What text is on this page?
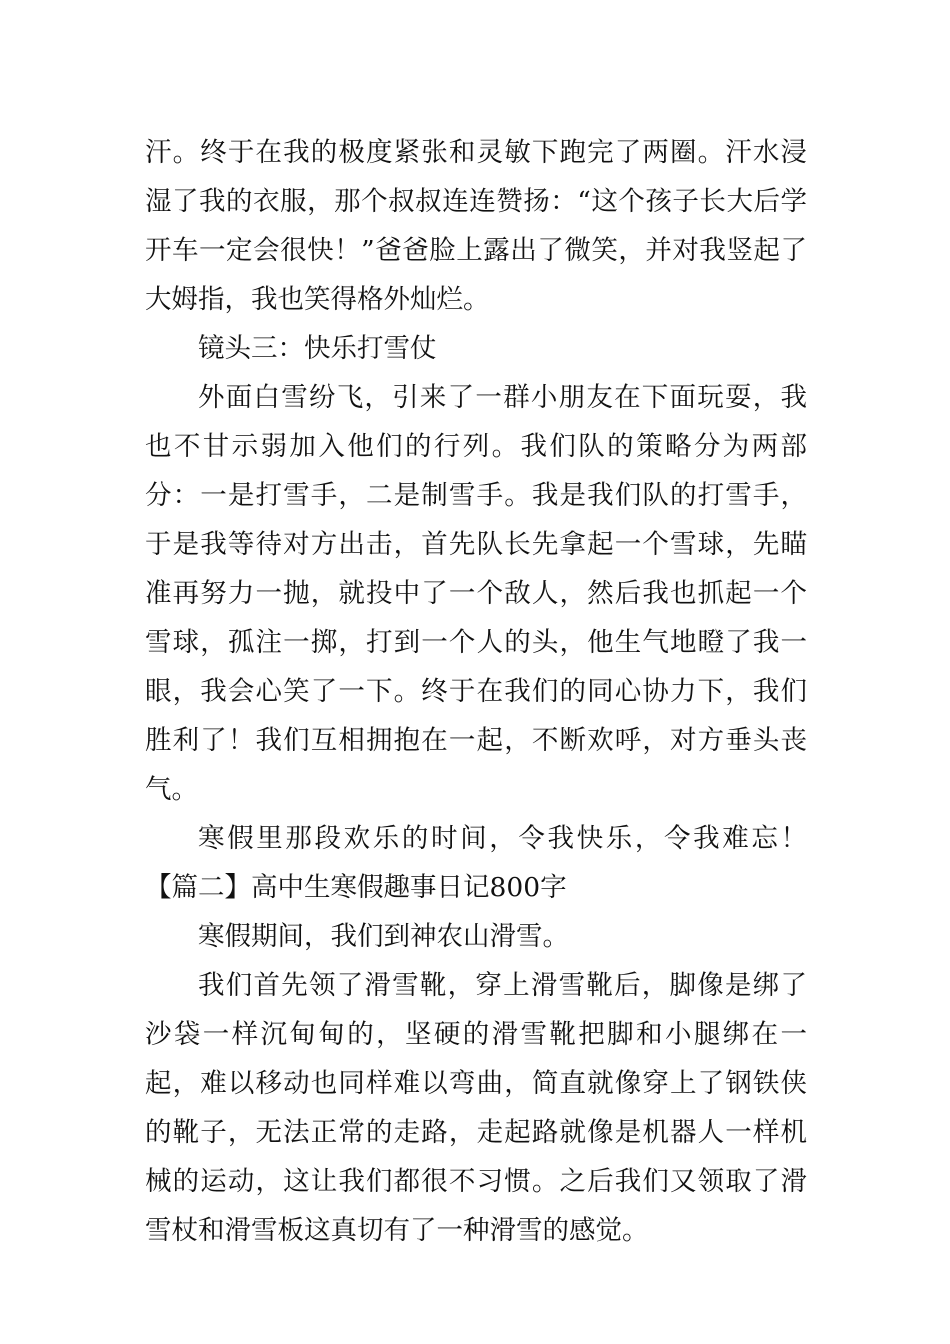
汗。终于在我的极度紧张和灵敏下跑完了两圈。汗水浸湿了我的衣服，那个叔叔连连赞扬：“这个孩子长大后学开车一定会很快！”爸爸脸上露出了微笑，并对我竖起了大姆指，我也笑得格外灿烂。

镜头三：快乐打雪仗

外面白雪纷飞，引来了一群小朋友在下面玩耍，我也不甘示弱加入他们的行列。我们队的策略分为两部分：一是打雪手，二是制雪手。我是我们队的打雪手，于是我等待对方出击，首先队长先拿起一个雪球，先瞄准再努力一抛，就投中了一个敌人，然后我也抓起一个雪球，孤注一掷，打到一个人的头，他生气地瞪了我一眼，我会心笑了一下。终于在我们的同心协力下，我们胜利了！我们互相拥抱在一起，不断欢呼，对方垂头丧气。

寒假里那段欢乐的时间，令我快乐，令我难忘！【篇二】高中生寒假趣事日记800字

寒假期间，我们到神农山滑雪。

我们首先领了滑雪靴，穿上滑雪靴后，脚像是绑了沙袋一样沉甸甸的，坚硬的滑雪靴把脚和小腿绑在一起，难以移动也同样难以弯曲，简直就像穿上了钢铁侠的靴子，无法正常的走路，走起路就像是机器人一样机械的运动，这让我们都很不习惯。之后我们又领取了滑雪杖和滑雪板这真切有了一种滑雪的感觉。
